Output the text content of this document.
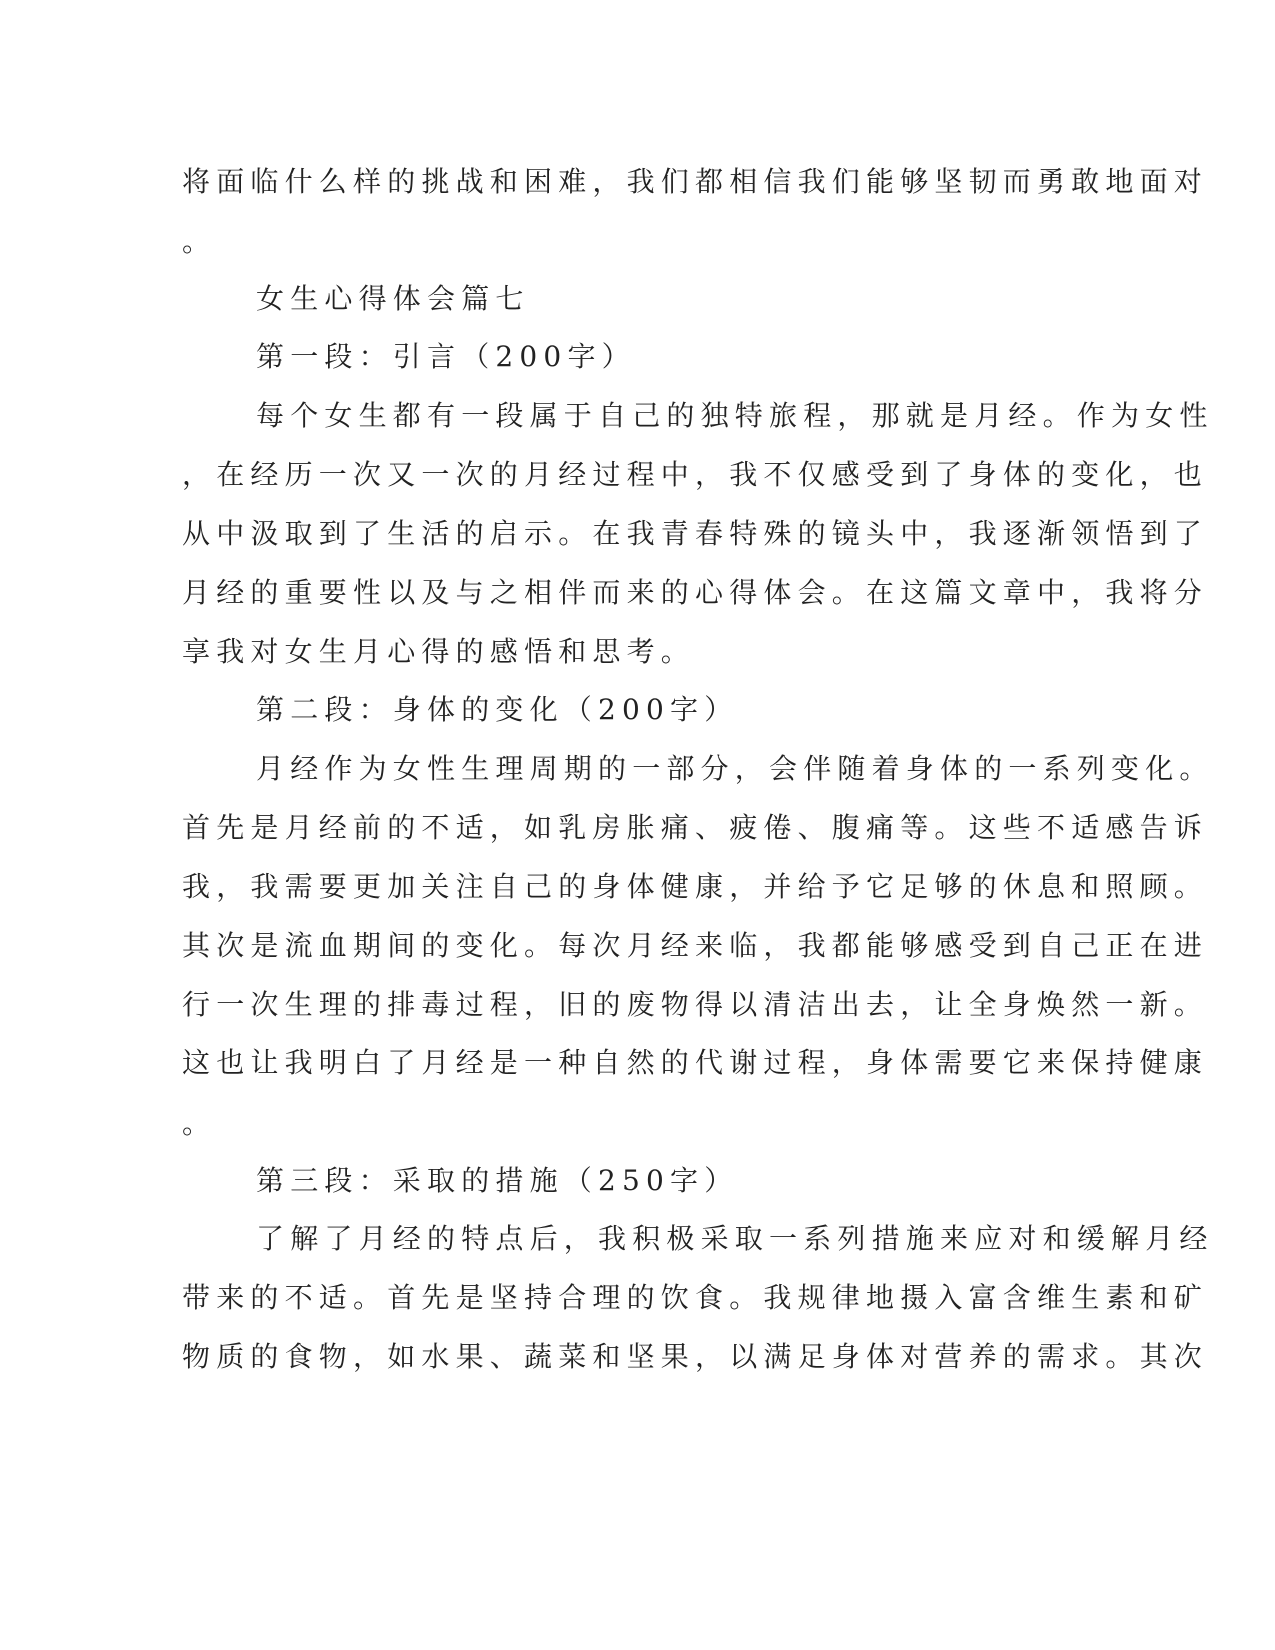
将面临什么样的挑战和困难，我们都相信我们能够坚韧而勇敢地面对
。
女生心得体会篇七
第一段：引言（200字）
每个女生都有一段属于自己的独特旅程，那就是月经。作为女性
，在经历一次又一次的月经过程中，我不仅感受到了身体的变化，也
从中汲取到了生活的启示。在我青春特殊的镜头中，我逐渐领悟到了
月经的重要性以及与之相伴而来的心得体会。在这篇文章中，我将分
享我对女生月心得的感悟和思考。
第二段：身体的变化（200字）
月经作为女性生理周期的一部分，会伴随着身体的一系列变化。
首先是月经前的不适，如乳房胀痛、疲倦、腹痛等。这些不适感告诉
我，我需要更加关注自己的身体健康，并给予它足够的休息和照顾。
其次是流血期间的变化。每次月经来临，我都能够感受到自己正在进
行一次生理的排毒过程，旧的废物得以清洁出去，让全身焕然一新。
这也让我明白了月经是一种自然的代谢过程，身体需要它来保持健康
。
第三段：采取的措施（250字）
了解了月经的特点后，我积极采取一系列措施来应对和缓解月经
带来的不适。首先是坚持合理的饮食。我规律地摄入富含维生素和矿
物质的食物，如水果、蔬菜和坚果，以满足身体对营养的需求。其次
